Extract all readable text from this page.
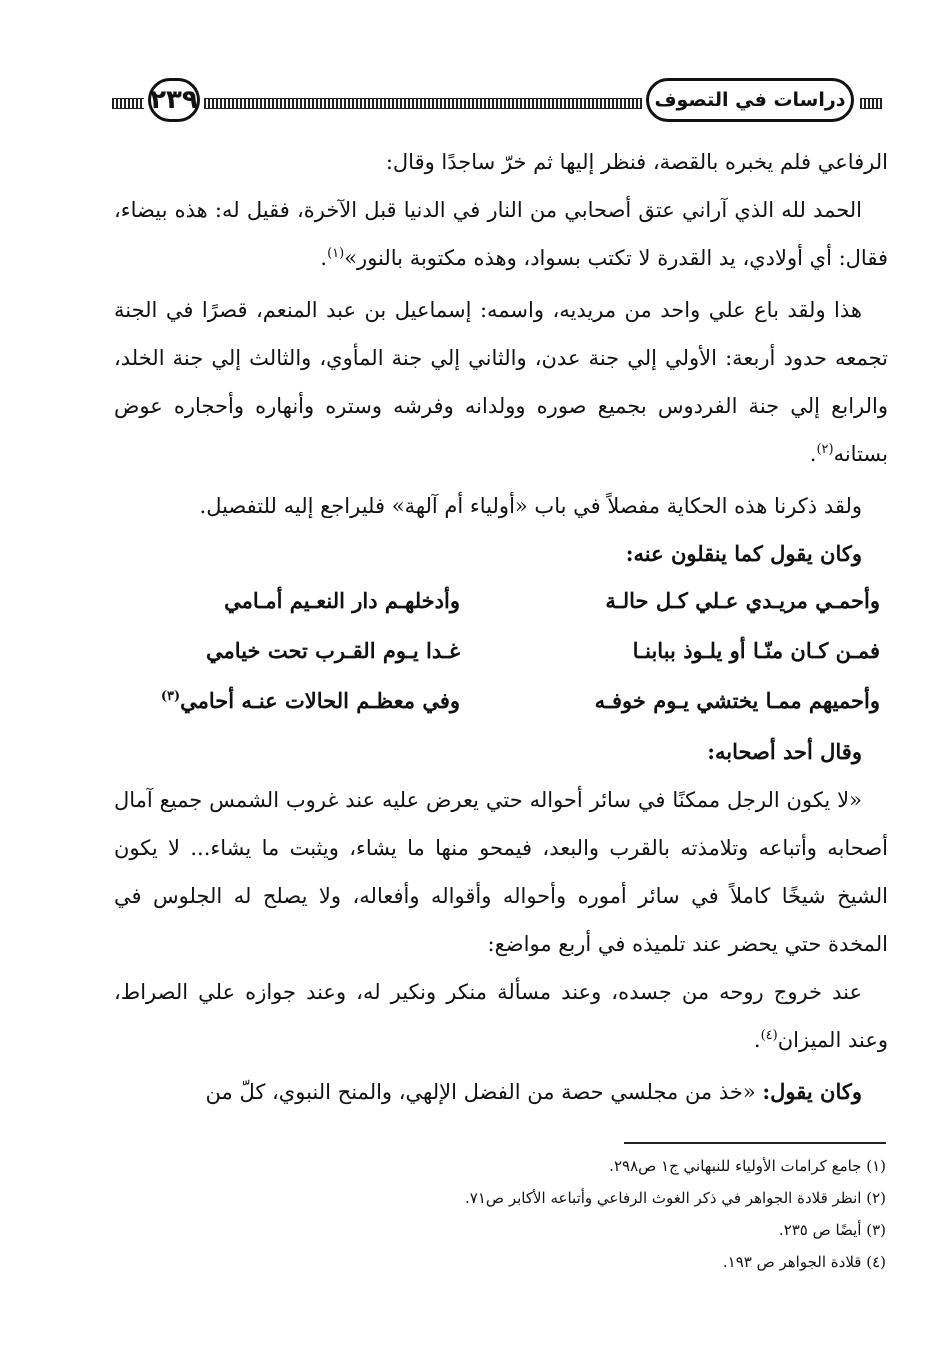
دراسات في التصوف
٢٣٩

الرفاعي فلم يخبره بالقصة، فنظر إليها ثم خرّ ساجدًا وقال:

الحمد لله الذي آراني عتق أصحابي من النار في الدنيا قبل الآخرة، فقيل له: هذه بيضاء، فقال: أي أولادي، يد القدرة لا تكتب بسواد، وهذه مكتوبة بالنور»$^{(١)}$.

هذا ولقد باع علي واحد من مريديه، واسمه: إسماعيل بن عبد المنعم، قصرًا في الجنة تجمعه حدود أربعة: الأولي إلي جنة عدن، والثاني إلي جنة المأوي، والثالث إلي جنة الخلد، والرابع إلي جنة الفردوس بجميع صوره وولدانه وفرشه وستره وأنهاره وأحجاره عوض بستانه$^{(٢)}$.

ولقد ذكرنا هذه الحكاية مفصلاً في باب «أولياء أم آلهة» فليراجع إليه للتفصيل.

وكان يقول كما ينقلون عنه:

وأحمـي مريـدي عـلي كـل حالـة
وأدخلهـم دار النعـيم أمـامي
فمـن كـان منّـا أو يلـوذ ببابنـا
غـدا يـوم القـرب تحت خيامي
وأحميهم ممـا يختشي يـوم خوفـه
وفي معظـم الحالات عنـه أحامي$^{(٣)}$

وقال أحد أصحابه:

«لا يكون الرجل ممكنًا في سائر أحواله حتي يعرض عليه عند غروب الشمس جميع آمال أصحابه وأتباعه وتلامذته بالقرب والبعد، فيمحو منها ما يشاء، ويثبت ما يشاء... لا يكون الشيخ شيخًا كاملاً في سائر أموره وأحواله وأقواله وأفعاله، ولا يصلح له الجلوس في المخدة حتي يحضر عند تلميذه في أربع مواضع:

عند خروج روحه من جسده، وعند مسألة منكر ونكير له، وعند جوازه علي الصراط، وعند الميزان$^{(٤)}$.

وكان يقول: «خذ من مجلسي حصة من الفضل الإلهي، والمنح النبوي، كلّ من

(١) جامع كرامات الأولياء للنبهاني ج١ ص٢٩٨.

(٢) انظر قلادة الجواهر في ذكر الغوث الرفاعي وأتباعه الأكابر ص٧١.

(٣) أيضًا ص ٢٣٥.

(٤) قلادة الجواهر ص ١٩٣.
